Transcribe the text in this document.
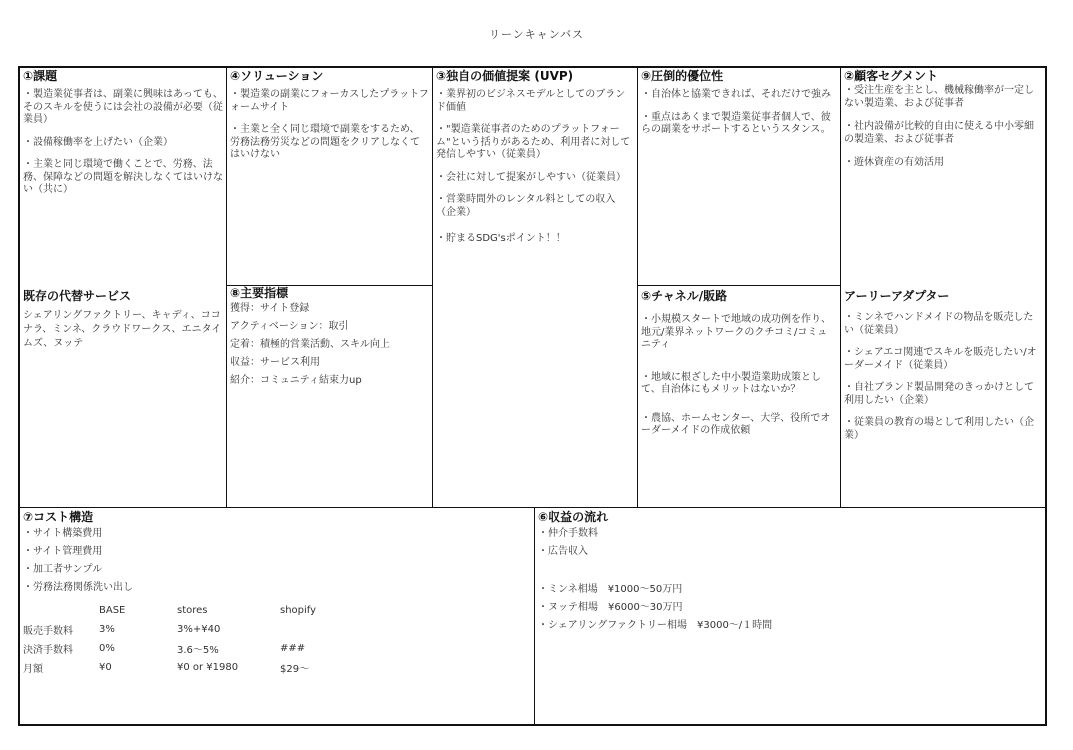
リーンキャンバス
①課題
・製造業従事者は、副業に興味はあっても、そのスキルを使うには会社の設備が必要（従業員）
・設備稼働率を上げたい（企業）
・主業と同じ環境で働くことで、労務、法務、保障などの問題を解決しなくてはいけない（共に）
既存の代替サービス
シェアリングファクトリー、キャディ、ココナラ、ミンネ、クラウドワークス、エニタイムズ、ヌッテ
④ソリューション
・製造業の副業にフォーカスしたプラットフォームサイト
・主業と全く同じ環境で副業をするため、労務法務労災などの問題をクリアしなくてはいけない
⑧主要指標
獲得：サイト登録
アクティベーション：取引
定着：積極的営業活動、スキル向上
収益：サービス利用
紹介：コミュニティ結束力up
③独自の価値提案 (UVP)
・業界初のビジネスモデルとしてのブランド価値
・"製造業従事者のためのプラットフォーム"という括りがあるため、利用者に対して発信しやすい（従業員）
・会社に対して提案がしやすい（従業員）
・営業時間外のレンタル料としての収入（企業）
・貯まるSDG'sポイント！！
⑨圧倒的優位性
・自治体と協業できれば、それだけで強み
・重点はあくまで製造業従事者個人で、彼らの副業をサポートするというスタンス。
⑤チャネル/販路
・小規模スタートで地域の成功例を作り、地元/業界ネットワークのクチコミ/コミュニティ
・地域に根ざした中小製造業助成策として、自治体にもメリットはないか？
・農協、ホームセンター、大学、役所でオーダーメイドの作成依頼
②顧客セグメント
・受注生産を主とし、機械稼働率が一定しない製造業、および従事者
・社内設備が比較的自由に使える中小零細の製造業、および従事者
・遊休資産の有効活用
アーリーアダプター
・ミンネでハンドメイドの物品を販売したい（従業員）
・シェアエコ関連でスキルを販売したい/オーダーメイド（従業員）
・自社ブランド製品開発のきっかけとして利用したい（企業）
・従業員の教育の場として利用したい（企業）
⑦コスト構造
・サイト構築費用
・サイト管理費用
・加工者サンプル
・労務法務関係洗い出し
	BASE	stores	shopify
販売手数料	3%	3%+¥40	
決済手数料	0%	3.6〜5%	###
月額	¥0	¥0 or ¥1980	$29〜
⑥収益の流れ
・仲介手数料
・広告収入
・ミンネ相場　¥1000〜50万円
・ヌッテ相場　¥6000〜30万円
・シェアリングファクトリー相場　¥3000〜/１時間
